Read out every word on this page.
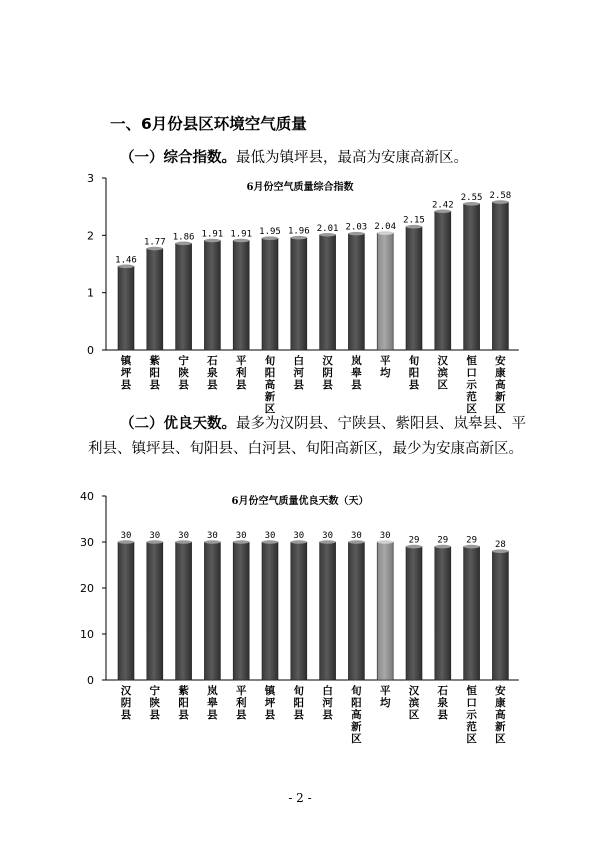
一、6月份县区环境空气质量
（一）综合指数。最低为镇坪县，最高为安康高新区。
6月份空气质量综合指数
0
1
2
3
1.46
镇
坪
县
1.77
紫
阳
县
1.86
宁
陕
县
1.91
石
泉
县
1.91
平
利
县
1.95
旬
阳
高
新
区
1.96
白
河
县
2.01
汉
阴
县
2.03
岚
皋
县
2.04
平
均
2.15
旬
阳
县
2.42
汉
滨
区
2.55
恒
口
示
范
区
2.58
安
康
高
新
区
（二）优良天数。最多为汉阴县、宁陕县、紫阳县、岚皋县、平利县、镇坪县、旬阳县、白河县、旬阳高新区，最少为安康高新区。
6月份空气质量优良天数（天）
0
10
20
30
40
30
汉
阴
县
30
宁
陕
县
30
紫
阳
县
30
岚
皋
县
30
平
利
县
30
镇
坪
县
30
旬
阳
县
30
白
河
县
30
旬
阳
高
新
区
30
平
均
29
汉
滨
区
29
石
泉
县
29
恒
口
示
范
区
28
安
康
高
新
区
- 2 -
